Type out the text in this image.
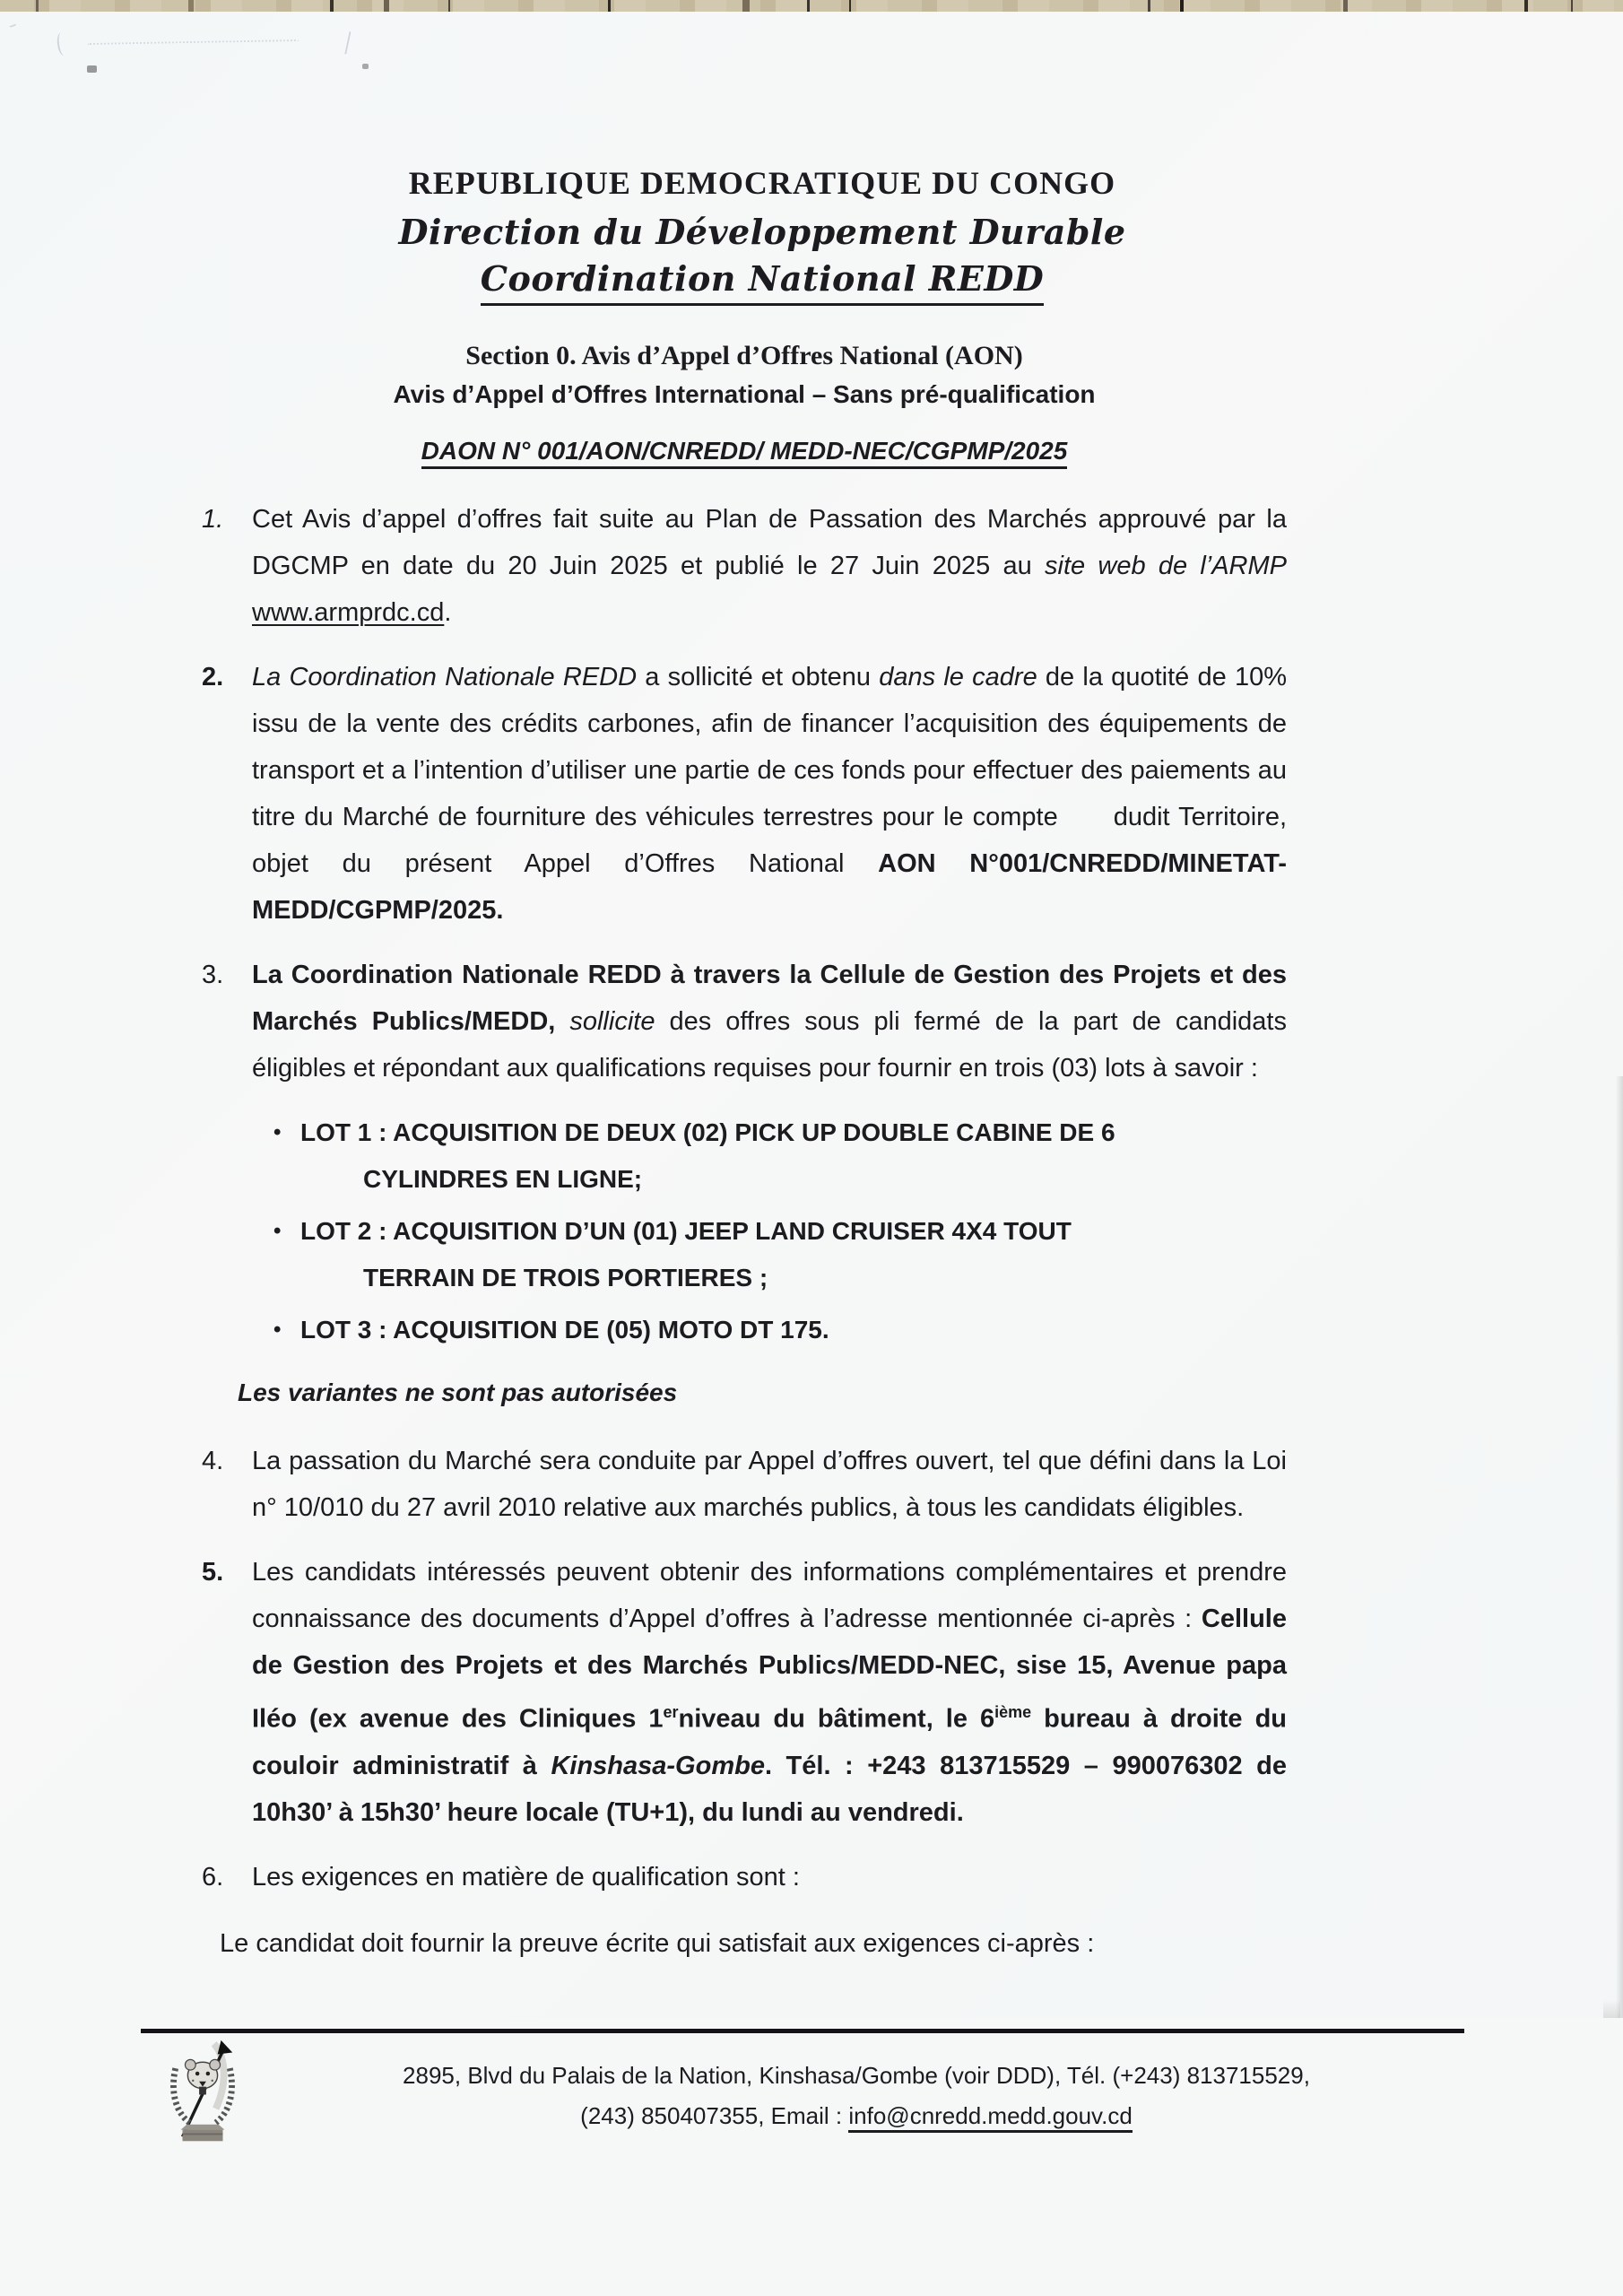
REPUBLIQUE DEMOCRATIQUE DU CONGO
Direction du Développement Durable
Coordination National REDD
Section 0. Avis d’Appel d’Offres National (AON)
Avis d’Appel d’Offres International – Sans pré-qualification
DAON N° 001/AON/CNREDD/ MEDD-NEC/CGPMP/2025
1.	Cet Avis d’appel d’offres fait suite au Plan de Passation des Marchés approuvé par la DGCMP en date du 20 Juin 2025 et publié le 27 Juin 2025 au site web de l’ARMP www.armprdc.cd.
2.	La Coordination Nationale REDD a sollicité et obtenu dans le cadre de la quotité de 10% issu de la vente des crédits carbones, afin de financer l’acquisition des équipements de transport et a l’intention d’utiliser une partie de ces fonds pour effectuer des paiements au titre du Marché de fourniture des véhicules terrestres pour le compte dudit Territoire, objet du présent Appel d’Offres National AON N°001/CNREDD/MINETAT-MEDD/CGPMP/2025.
3.	La Coordination Nationale REDD à travers la Cellule de Gestion des Projets et des Marchés Publics/MEDD, sollicite des offres sous pli fermé de la part de candidats éligibles et répondant aux qualifications requises pour fournir en trois (03) lots à savoir :
• LOT 1 : ACQUISITION DE DEUX (02) PICK UP DOUBLE CABINE DE 6
CYLINDRES EN LIGNE;
• LOT 2 : ACQUISITION D’UN (01) JEEP LAND CRUISER 4X4 TOUT
TERRAIN DE TROIS PORTIERES ;
• LOT 3 : ACQUISITION DE (05) MOTO DT 175.
Les variantes ne sont pas autorisées
4.	La passation du Marché sera conduite par Appel d’offres ouvert, tel que défini dans la Loi n° 10/010 du 27 avril 2010 relative aux marchés publics, à tous les candidats éligibles.
5.	Les candidats intéressés peuvent obtenir des informations complémentaires et prendre connaissance des documents d’Appel d’offres à l’adresse mentionnée ci-après : Cellule de Gestion des Projets et des Marchés Publics/MEDD-NEC, sise 15, Avenue papa Iléo (ex avenue des Cliniques 1erniveau du bâtiment, le 6ième bureau à droite du couloir administratif à Kinshasa-Gombe. Tél. : +243 813715529 – 990076302 de 10h30’ à 15h30’ heure locale (TU+1), du lundi au vendredi.
6.	Les exigences en matière de qualification sont :
Le candidat doit fournir la preuve écrite qui satisfait aux exigences ci-après :
2895, Blvd du Palais de la Nation, Kinshasa/Gombe (voir DDD), Tél. (+243) 813715529,
(243) 850407355, Email : info@cnredd.medd.gouv.cd
